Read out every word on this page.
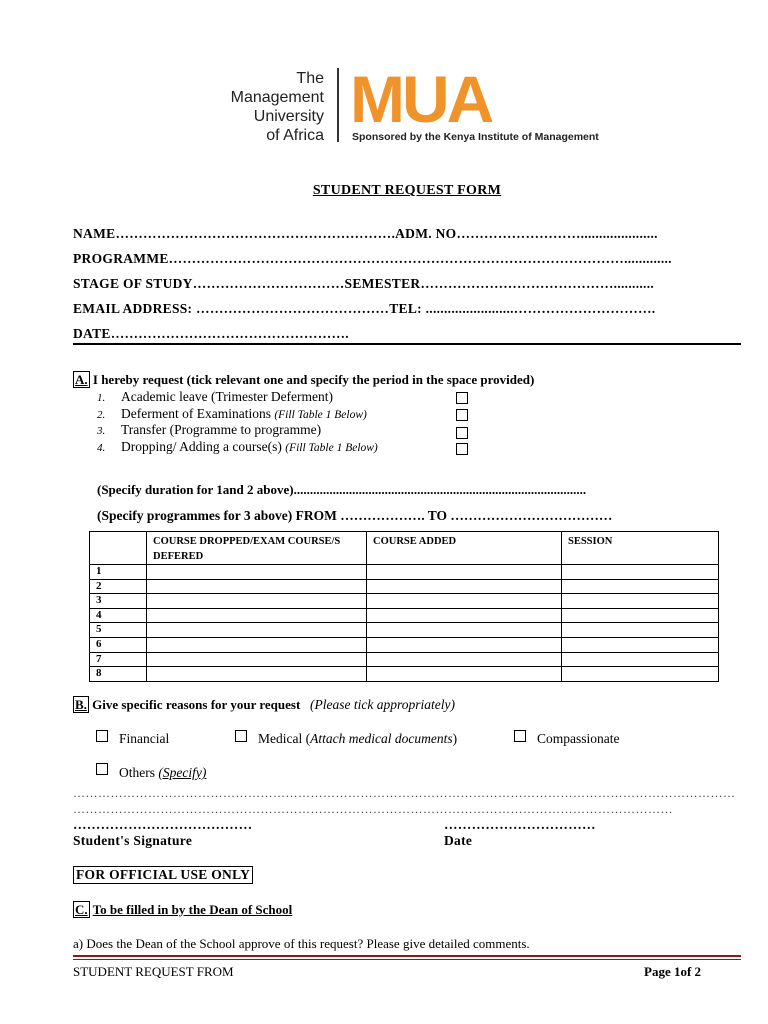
The
Management
University
of Africa MUA
Sponsored by the Kenya Institute of Management
STUDENT REQUEST FORM
NAME…………………………………………………….ADM. NO……………………….....................
PROGRAMME……………………………………………………………………………………….............
STAGE OF STUDY……………………………SEMESTER……………………………………...........
EMAIL ADDRESS: ……………………………………TEL: ........................………………………….
DATE…………………………………………….
A. I hereby request (tick relevant one and specify the period in the space provided)
1. Academic leave (Trimester Deferment)
2. Deferment of Examinations (Fill Table 1 Below)
3. Transfer (Programme to programme)
4. Dropping/ Adding a course(s) (Fill Table 1 Below)
(Specify duration for 1and 2 above)..........................................................................................
(Specify programmes for 3 above) FROM ………………. TO ………………………………
	COURSE DROPPED/EXAM COURSE/S DEFERED	COURSE ADDED	SESSION
1			
2			
3			
4			
5			
6			
7			
8			
B. Give specific reasons for your request (Please tick appropriately)
Financial	Medical (Attach medical documents)	Compassionate
Others (Specify)
……………………………………………………………………………………………………………………………………………
………………………………………………………………………………………………………………………………
…………………………………
Student's Signature
……………………………
Date
FOR OFFICIAL USE ONLY
C. To be filled in by the Dean of School
a) Does the Dean of the School approve of this request? Please give detailed comments.
STUDENT REQUEST FROM	Page 1of 2
